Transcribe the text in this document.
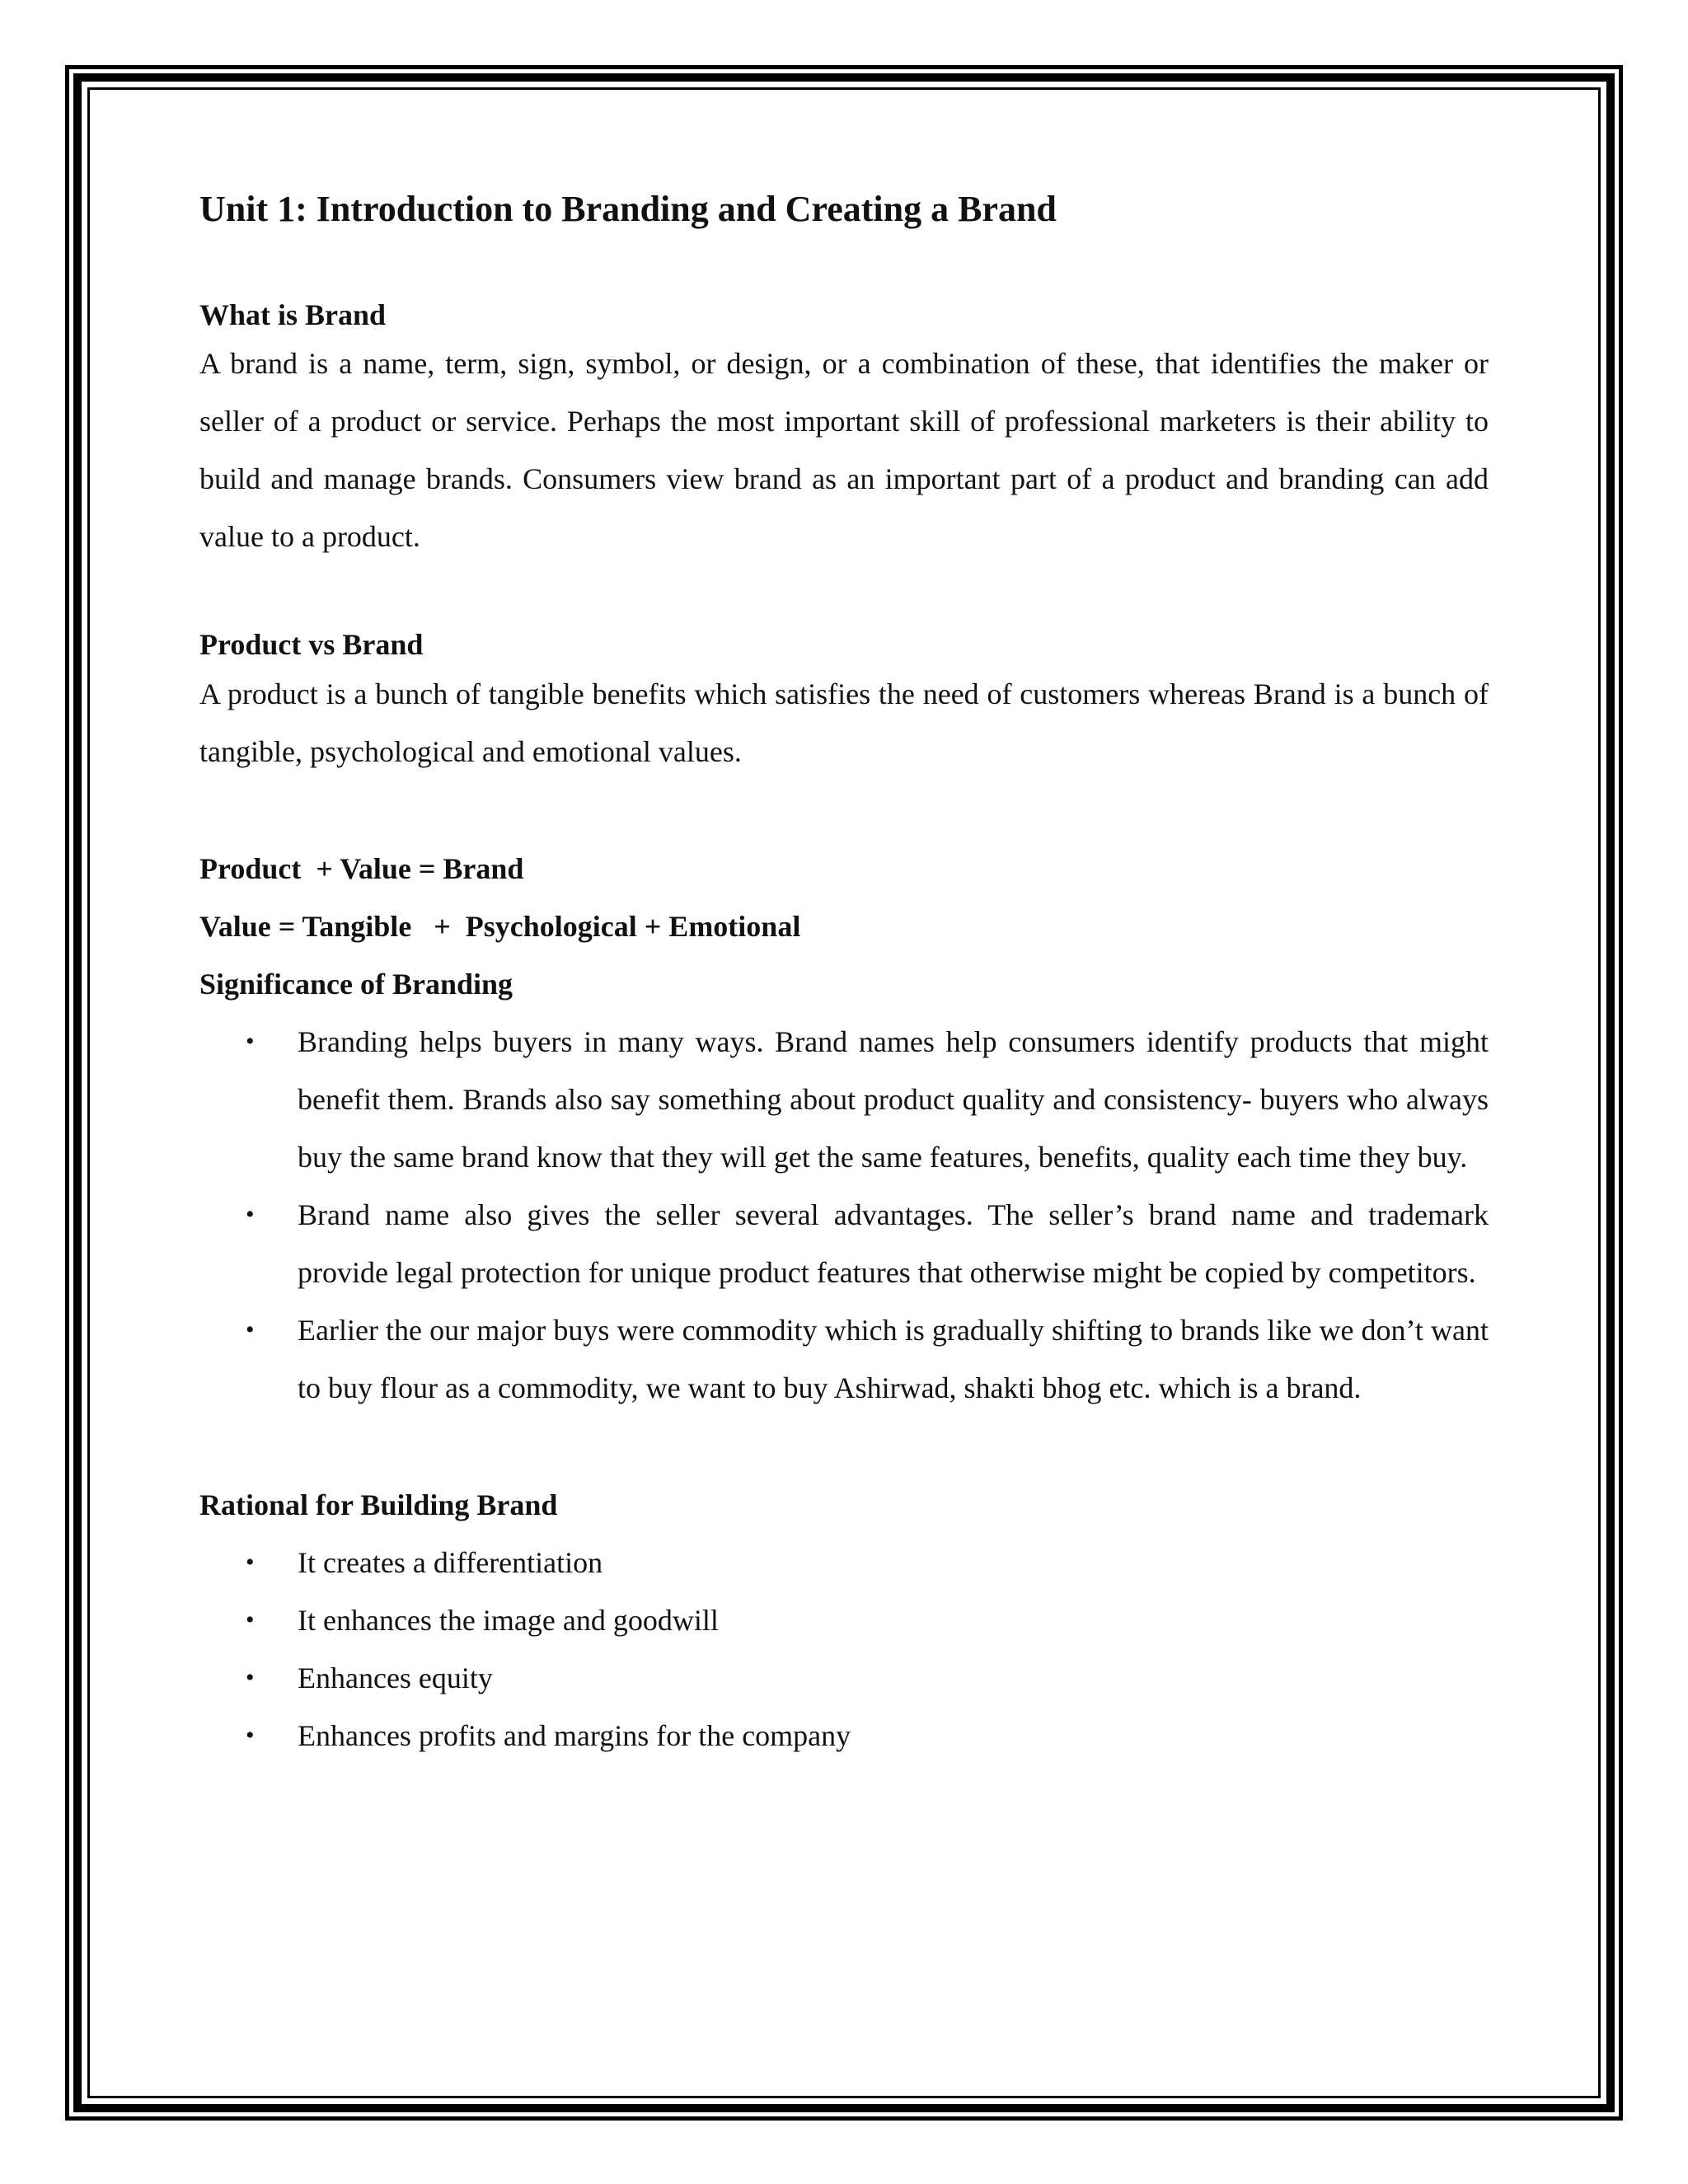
Unit 1: Introduction to Branding and Creating a Brand
What is Brand

A brand is a name, term, sign, symbol, or design, or a combination of these, that identifies the maker or seller of a product or service. Perhaps the most important skill of professional marketers is their ability to build and manage brands. Consumers view brand as an important part of a product and branding can add value to a product.

Product vs Brand

A product is a bunch of tangible benefits which satisfies the need of customers whereas Brand is a bunch of tangible, psychological and emotional values.

Product  + Value = Brand

Value = Tangible   +  Psychological + Emotional

Significance of Branding
• Branding helps buyers in many ways. Brand names help consumers identify products that might benefit them. Brands also say something about product quality and consistency- buyers who always buy the same brand know that they will get the same features, benefits, quality each time they buy.
• Brand name also gives the seller several advantages. The seller’s brand name and trademark provide legal protection for unique product features that otherwise might be copied by competitors.
• Earlier the our major buys were commodity which is gradually shifting to brands like we don’t want to buy flour as a commodity, we want to buy Ashirwad, shakti bhog etc. which is a brand.
Rational for Building Brand
• It creates a differentiation
• It enhances the image and goodwill
• Enhances equity
• Enhances profits and margins for the company
